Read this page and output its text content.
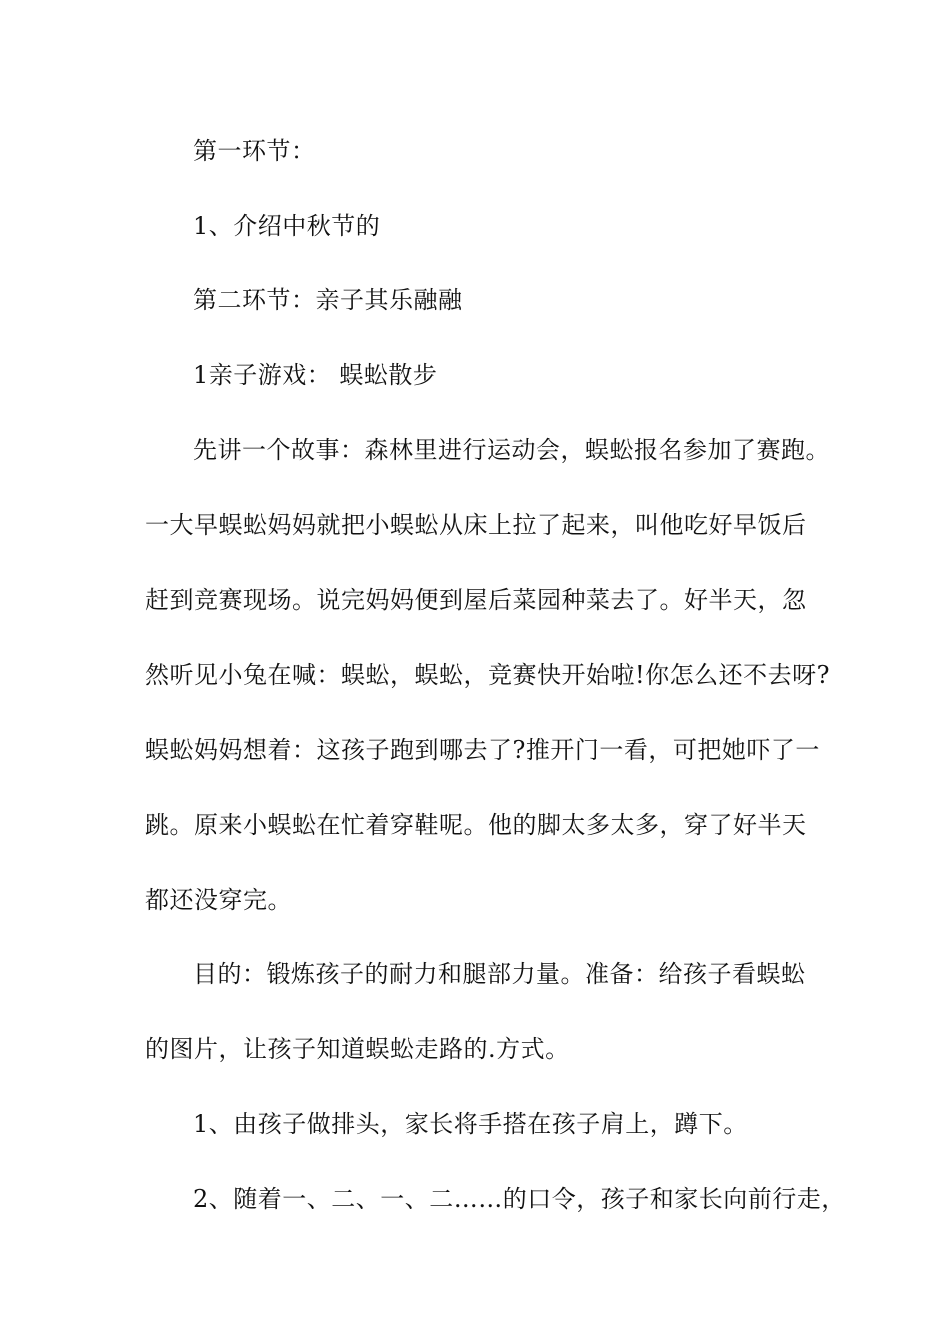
第一环节：
1、介绍中秋节的
第二环节：亲子其乐融融
1亲子游戏： 蜈蚣散步
先讲一个故事：森林里进行运动会，蜈蚣报名参加了赛跑。
一大早蜈蚣妈妈就把小蜈蚣从床上拉了起来，叫他吃好早饭后
赶到竞赛现场。说完妈妈便到屋后菜园种菜去了。好半天，忽
然听见小兔在喊：蜈蚣，蜈蚣，竞赛快开始啦!你怎么还不去呀?
蜈蚣妈妈想着：这孩子跑到哪去了?推开门一看，可把她吓了一
跳。原来小蜈蚣在忙着穿鞋呢。他的脚太多太多，穿了好半天
都还没穿完。
目的：锻炼孩子的耐力和腿部力量。准备：给孩子看蜈蚣
的图片，让孩子知道蜈蚣走路的.方式。
1、由孩子做排头，家长将手搭在孩子肩上，蹲下。
2、随着一、二、一、二……的口令，孩子和家长向前行走，
